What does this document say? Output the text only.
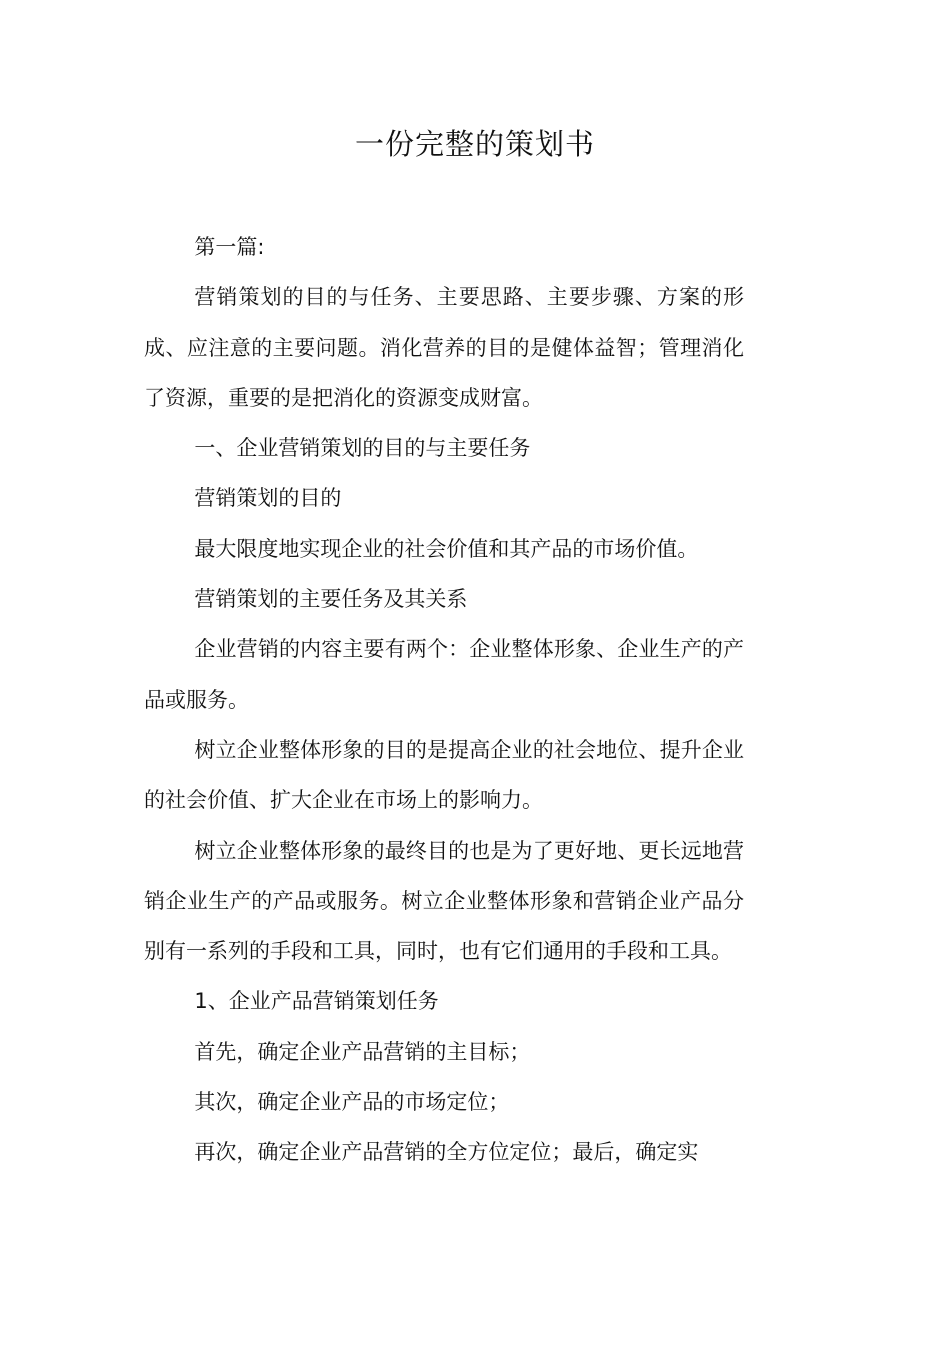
一份完整的策划书

第一篇:

营销策划的目的与任务、主要思路、主要步骤、方案的形成、应注意的主要问题。消化营养的目的是健体益智；管理消化了资源，重要的是把消化的资源变成财富。

一、企业营销策划的目的与主要任务

营销策划的目的

最大限度地实现企业的社会价值和其产品的市场价值。

营销策划的主要任务及其关系

企业营销的内容主要有两个：企业整体形象、企业生产的产品或服务。

树立企业整体形象的目的是提高企业的社会地位、提升企业的社会价值、扩大企业在市场上的影响力。

树立企业整体形象的最终目的也是为了更好地、更长远地营销企业生产的产品或服务。树立企业整体形象和营销企业产品分别有一系列的手段和工具，同时，也有它们通用的手段和工具。

1、企业产品营销策划任务

首先，确定企业产品营销的主目标；

其次，确定企业产品的市场定位；

再次，确定企业产品营销的全方位定位；最后，确定实
